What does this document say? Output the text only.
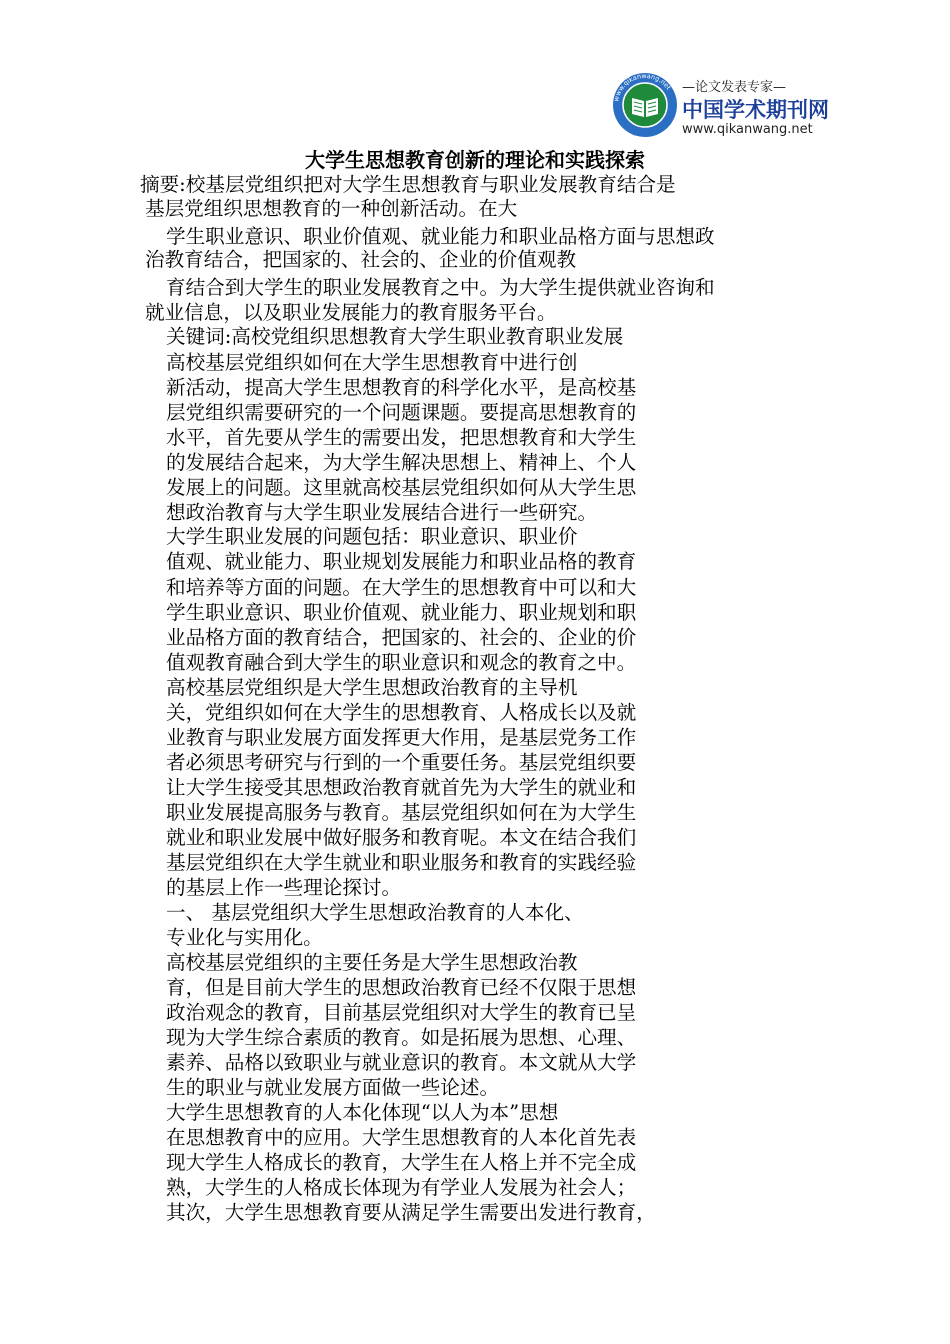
www.qikanwang.net —论文发表专家—
中国学术期刊网
www.qikanwang.net
大学生思想教育创新的理论和实践探索
摘要:校基层党组织把对大学生思想教育与职业发展教育结合是
基层党组织思想教育的一种创新活动。在大
学生职业意识、职业价值观、就业能力和职业品格方面与思想政
治教育结合，把国家的、社会的、企业的价值观教
育结合到大学生的职业发展教育之中。为大学生提供就业咨询和
就业信息，以及职业发展能力的教育服务平台。
关键词:高校党组织思想教育大学生职业教育职业发展
高校基层党组织如何在大学生思想教育中进行创
新活动，提高大学生思想教育的科学化水平，是高校基
层党组织需要研究的一个问题课题。要提高思想教育的
水平，首先要从学生的需要出发，把思想教育和大学生
的发展结合起来，为大学生解决思想上、精神上、个人
发展上的问题。这里就高校基层党组织如何从大学生思
想政治教育与大学生职业发展结合进行一些研究。
大学生职业发展的问题包括：职业意识、职业价
值观、就业能力、职业规划发展能力和职业品格的教育
和培养等方面的问题。在大学生的思想教育中可以和大
学生职业意识、职业价值观、就业能力、职业规划和职
业品格方面的教育结合，把国家的、社会的、企业的价
值观教育融合到大学生的职业意识和观念的教育之中。
高校基层党组织是大学生思想政治教育的主导机
关，党组织如何在大学生的思想教育、人格成长以及就
业教育与职业发展方面发挥更大作用，是基层党务工作
者必须思考研究与行到的一个重要任务。基层党组织要
让大学生接受其思想政治教育就首先为大学生的就业和
职业发展提高服务与教育。基层党组织如何在为大学生
就业和职业发展中做好服务和教育呢。本文在结合我们
基层党组织在大学生就业和职业服务和教育的实践经验
的基层上作一些理论探讨。
一、 基层党组织大学生思想政治教育的人本化、
专业化与实用化。
高校基层党组织的主要任务是大学生思想政治教
育，但是目前大学生的思想政治教育已经不仅限于思想
政治观念的教育，目前基层党组织对大学生的教育已呈
现为大学生综合素质的教育。如是拓展为思想、心理、
素养、品格以致职业与就业意识的教育。本文就从大学
生的职业与就业发展方面做一些论述。
大学生思想教育的人本化体现“以人为本”思想
在思想教育中的应用。大学生思想教育的人本化首先表
现大学生人格成长的教育，大学生在人格上并不完全成
熟，大学生的人格成长体现为有学业人发展为社会人；
其次，大学生思想教育要从满足学生需要出发进行教育，
